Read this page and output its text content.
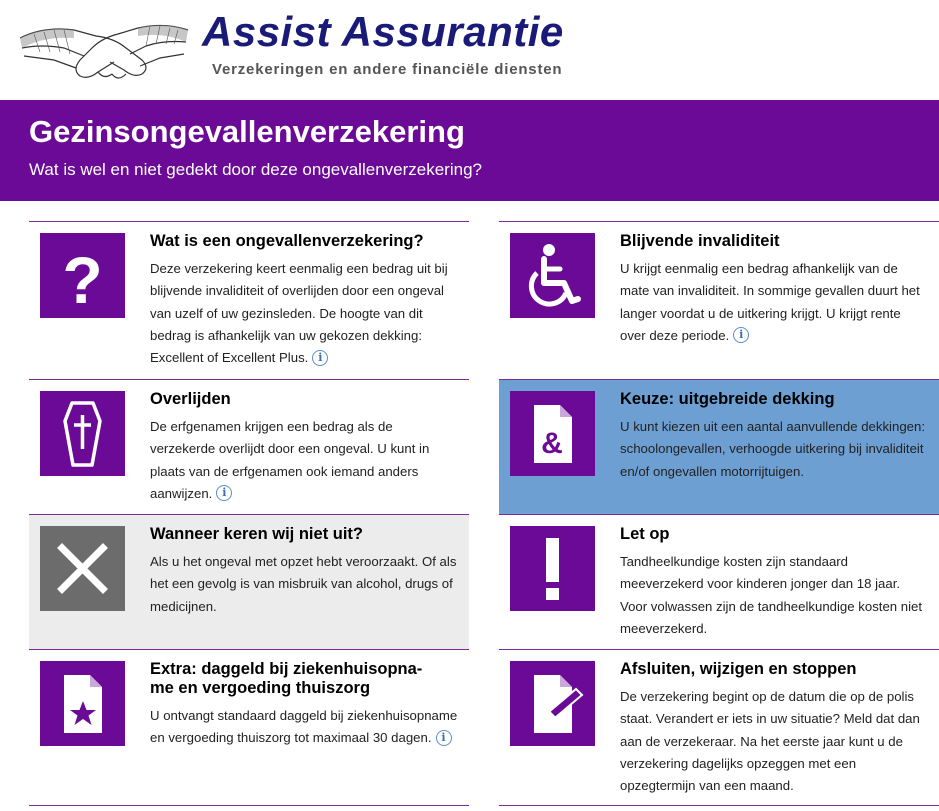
Assist Assurantie
Verzekeringen en andere financiële diensten
Gezinsongevallenverzekering
Wat is wel en niet gedekt door deze ongevallenverzekering?
?
Wat is een ongevallenverzekering?
Deze verzekering keert eenmalig een bedrag uit bij blijvende invaliditeit of overlijden door een ongeval van uzelf of uw gezinsleden. De hoogte van dit bedrag is afhankelijk van uw gekozen dekking: Excellent of Excellent Plus.i
Blijvende invaliditeit
U krijgt eenmalig een bedrag afhankelijk van de mate van invaliditeit. In sommige gevallen duurt het langer voordat u de uitkering krijgt. U krijgt rente over deze periode.i
Overlijden
De erfgenamen krijgen een bedrag als de verzekerde overlijdt door een ongeval. U kunt in plaats van de erfgenamen ook iemand anders aanwijzen.i
&
Keuze: uitgebreide dekking
U kunt kiezen uit een aantal aanvullende dekkingen: schoolongevallen, verhoogde uitkering bij invaliditeit en/of ongevallen motorrijtuigen.
Wanneer keren wij niet uit?
Als u het ongeval met opzet hebt veroorzaakt. Of als het een gevolg is van misbruik van alcohol, drugs of medicijnen.
Let op
Tandheelkundige kosten zijn standaard meeverzekerd voor kinderen jonger dan 18 jaar. Voor volwassen zijn de tandheelkundige kosten niet meeverzekerd.
Extra: daggeld bij ziekenhuisopna-
me en vergoeding thuiszorg
U ontvangt standaard daggeld bij ziekenhuisopname en vergoeding thuiszorg tot maximaal 30 dagen.i
Afsluiten, wijzigen en stoppen
De verzekering begint op de datum die op de polis staat. Verandert er iets in uw situatie? Meld dat dan aan de verzekeraar. Na het eerste jaar kunt u de verzekering dagelijks opzeggen met een opzegtermijn van een maand.
